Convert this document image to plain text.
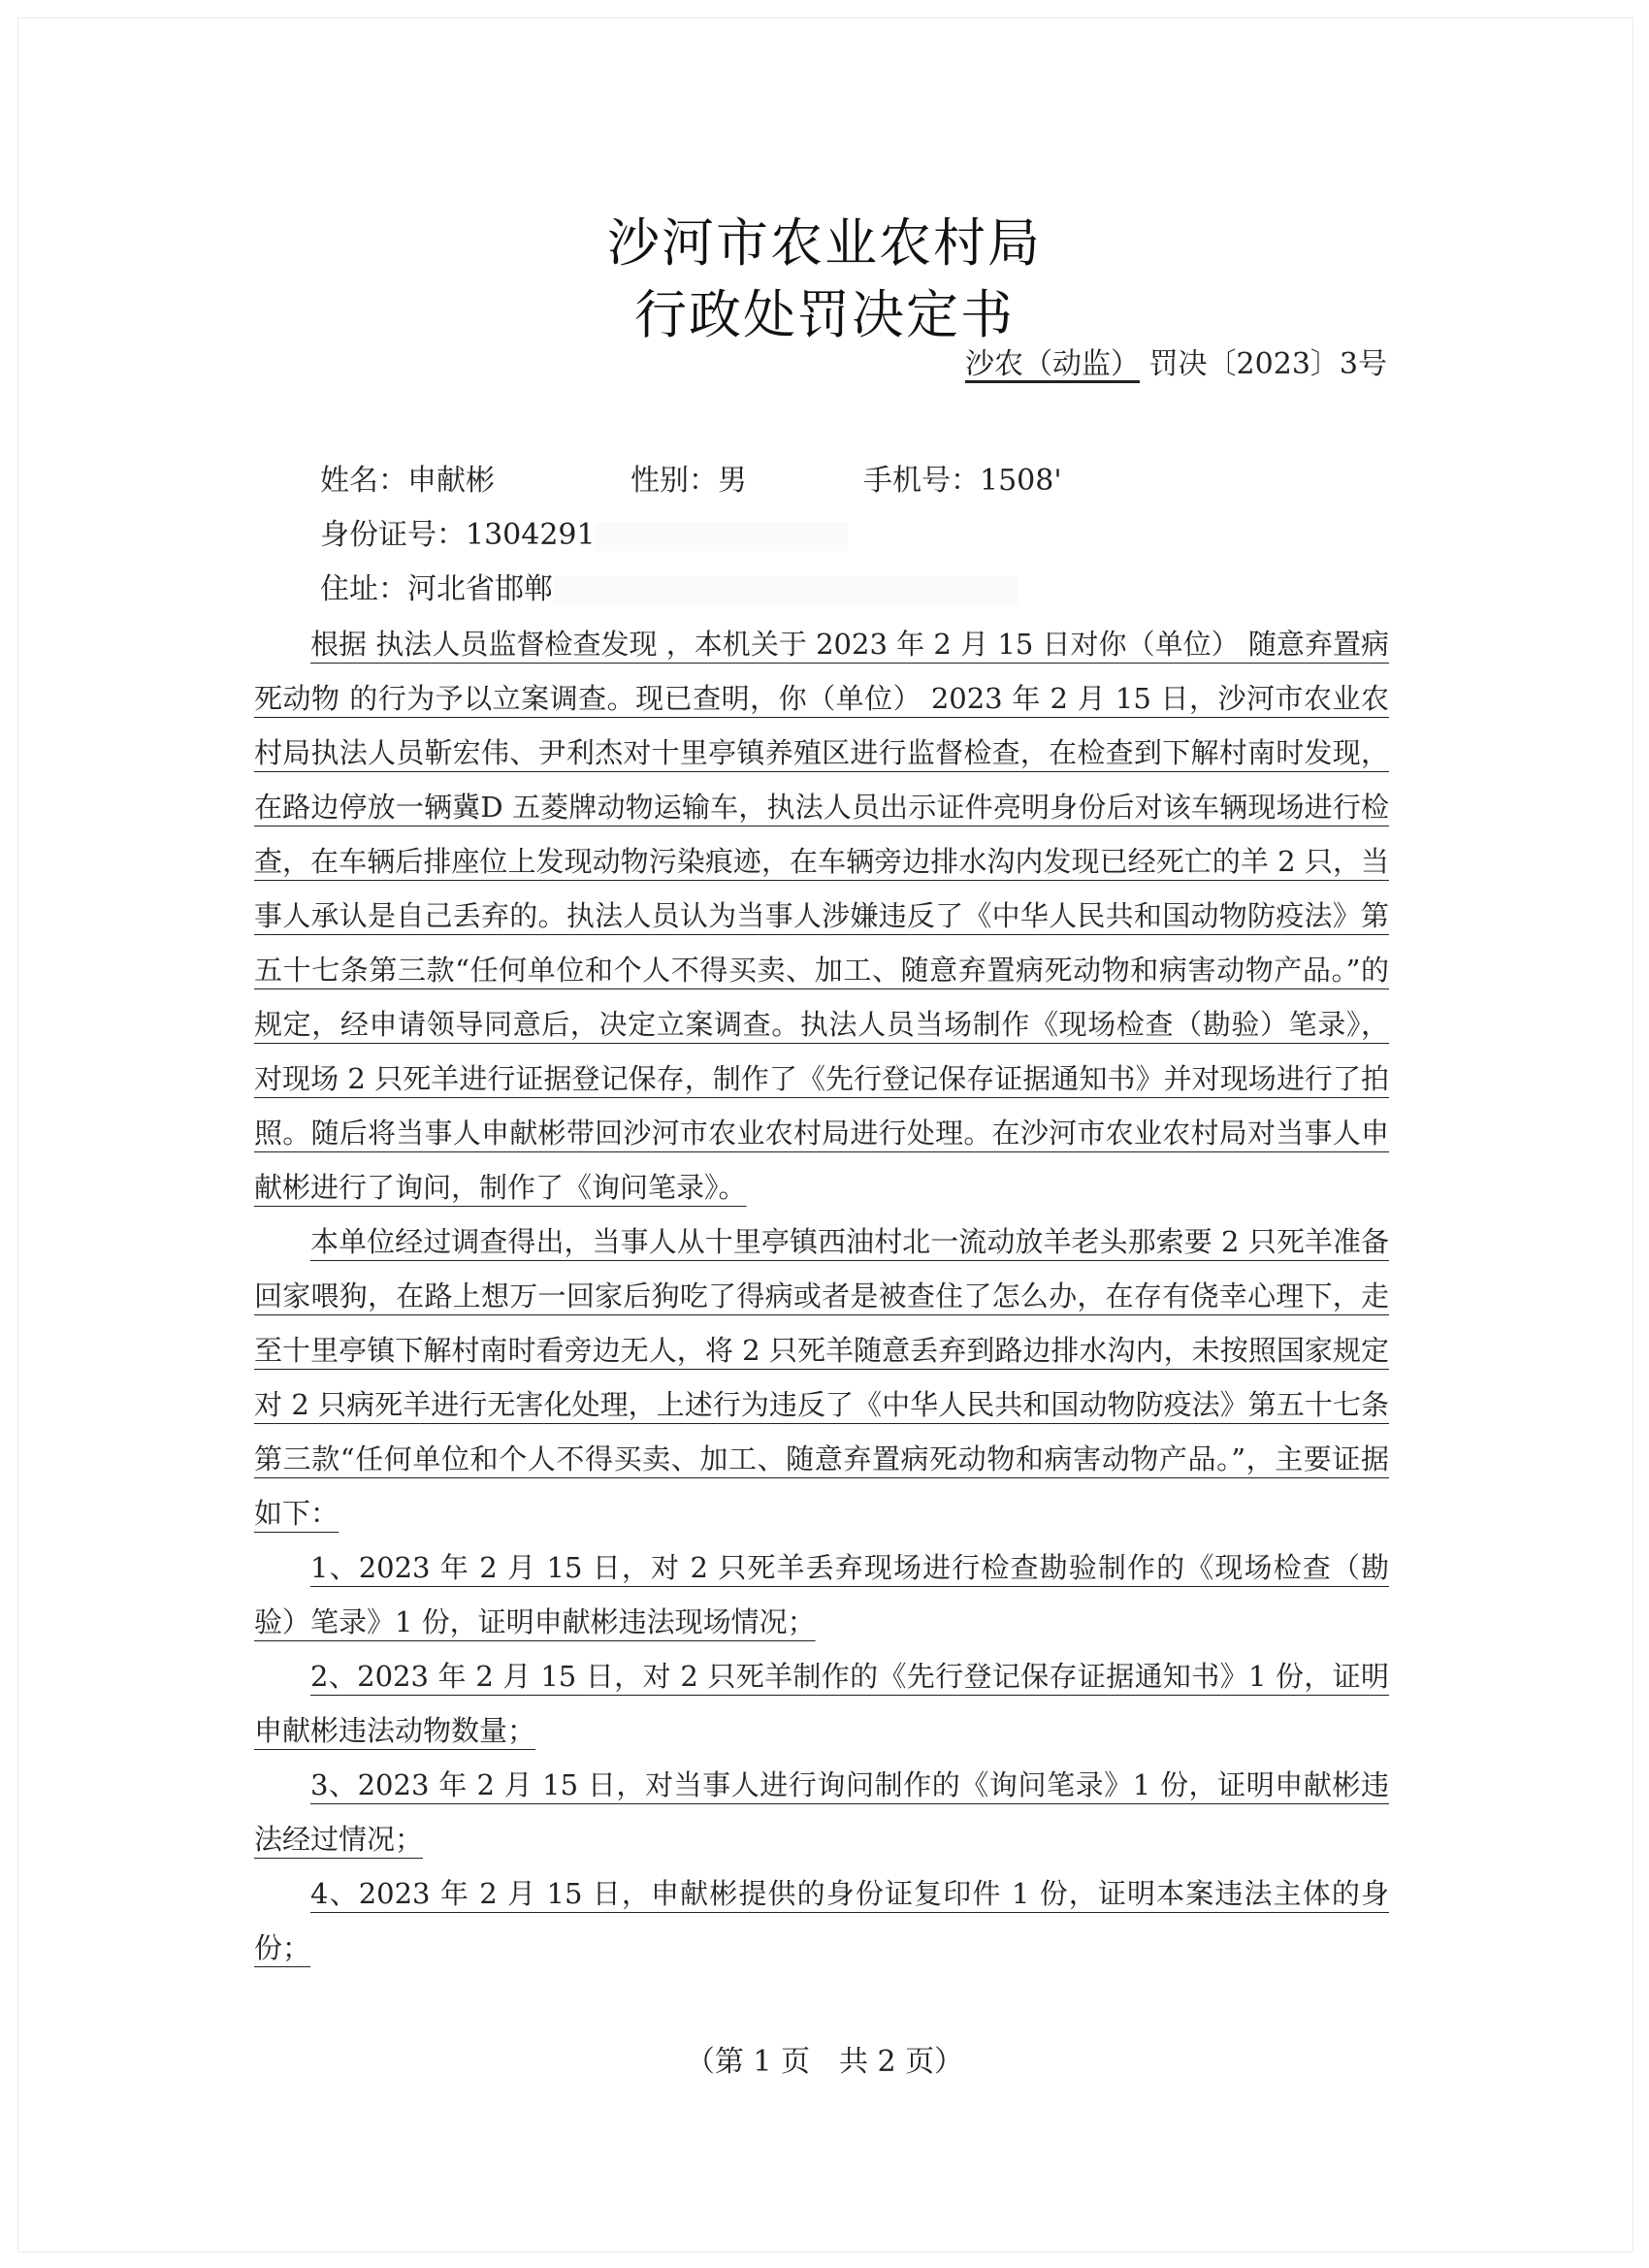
沙河市农业农村局
行政处罚决定书
沙农（动监） 罚决〔2023〕3号
姓名：申献彬	性别：男	手机号：1508'
身份证号：1304291
住址：河北省邯郸

根据 执法人员监督检查发现 ，本机关于 2023 年 2 月 15 日对你（单位） 随意弃置病死动物 的行为予以立案调查。现已查明，你（单位） 2023 年 2 月 15 日，沙河市农业农村局执法人员靳宏伟、尹利杰对十里亭镇养殖区进行监督检查，在检查到下解村南时发现，在路边停放一辆冀D 五菱牌动物运输车，执法人员出示证件亮明身份后对该车辆现场进行检查，在车辆后排座位上发现动物污染痕迹，在车辆旁边排水沟内发现已经死亡的羊 2 只，当事人承认是自己丢弃的。执法人员认为当事人涉嫌违反了《中华人民共和国动物防疫法》第五十七条第三款“任何单位和个人不得买卖、加工、随意弃置病死动物和病害动物产品。”的规定，经申请领导同意后，决定立案调查。执法人员当场制作《现场检查（勘验）笔录》，对现场 2 只死羊进行证据登记保存，制作了《先行登记保存证据通知书》并对现场进行了拍照。随后将当事人申献彬带回沙河市农业农村局进行处理。在沙河市农业农村局对当事人申献彬进行了询问，制作了《询问笔录》。

本单位经过调查得出，当事人从十里亭镇西油村北一流动放羊老头那索要 2 只死羊准备回家喂狗，在路上想万一回家后狗吃了得病或者是被查住了怎么办，在存有侥幸心理下，走至十里亭镇下解村南时看旁边无人，将 2 只死羊随意丢弃到路边排水沟内，未按照国家规定对 2 只病死羊进行无害化处理，上述行为违反了《中华人民共和国动物防疫法》第五十七条第三款“任何单位和个人不得买卖、加工、随意弃置病死动物和病害动物产品。”，主要证据如下：

1、2023 年 2 月 15 日，对 2 只死羊丢弃现场进行检查勘验制作的《现场检查（勘验）笔录》1 份，证明申献彬违法现场情况；

2、2023 年 2 月 15 日，对 2 只死羊制作的《先行登记保存证据通知书》1 份，证明申献彬违法动物数量；

3、2023 年 2 月 15 日，对当事人进行询问制作的《询问笔录》1 份，证明申献彬违法经过情况；

4、2023 年 2 月 15 日，申献彬提供的身份证复印件 1 份，证明本案违法主体的身份；

（第 1 页　共 2 页）
